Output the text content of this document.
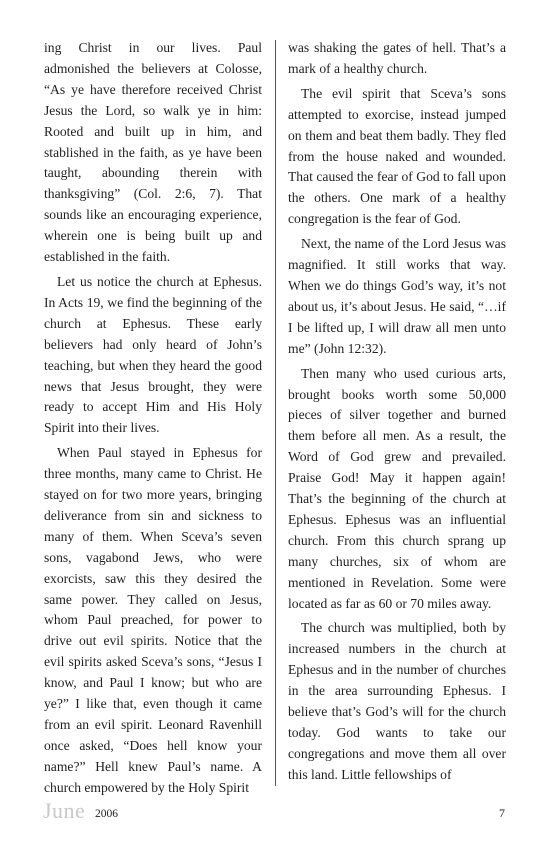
ing Christ in our lives. Paul admonished the believers at Colosse, “As ye have therefore received Christ Jesus the Lord, so walk ye in him: Rooted and built up in him, and stablished in the faith, as ye have been taught, abounding therein with thanksgiving” (Col. 2:6, 7). That sounds like an encouraging experience, wherein one is being built up and established in the faith.

Let us notice the church at Ephesus. In Acts 19, we find the beginning of the church at Ephesus. These early believers had only heard of John’s teaching, but when they heard the good news that Jesus brought, they were ready to accept Him and His Holy Spirit into their lives.

When Paul stayed in Ephesus for three months, many came to Christ. He stayed on for two more years, bringing deliverance from sin and sickness to many of them. When Sceva’s seven sons, vagabond Jews, who were exorcists, saw this they desired the same power. They called on Jesus, whom Paul preached, for power to drive out evil spirits. Notice that the evil spirits asked Sceva’s sons, “Jesus I know, and Paul I know; but who are ye?” I like that, even though it came from an evil spirit. Leonard Ravenhill once asked, “Does hell know your name?” Hell knew Paul’s name. A church empowered by the Holy Spirit

was shaking the gates of hell. That’s a mark of a healthy church.

The evil spirit that Sceva’s sons attempted to exorcise, instead jumped on them and beat them badly. They fled from the house naked and wounded. That caused the fear of God to fall upon the others. One mark of a healthy congregation is the fear of God.

Next, the name of the Lord Jesus was magnified. It still works that way. When we do things God’s way, it’s not about us, it’s about Jesus. He said, “…if I be lifted up, I will draw all men unto me” (John 12:32).

Then many who used curious arts, brought books worth some 50,000 pieces of silver together and burned them before all men. As a result, the Word of God grew and prevailed. Praise God! May it happen again! That’s the beginning of the church at Ephesus. Ephesus was an influential church. From this church sprang up many churches, six of whom are mentioned in Revelation. Some were located as far as 60 or 70 miles away.

The church was multiplied, both by increased numbers in the church at Ephesus and in the number of churches in the area surrounding Ephesus. I believe that’s God’s will for the church today. God wants to take our congregations and move them all over this land. Little fellowships of

June 2006	7
